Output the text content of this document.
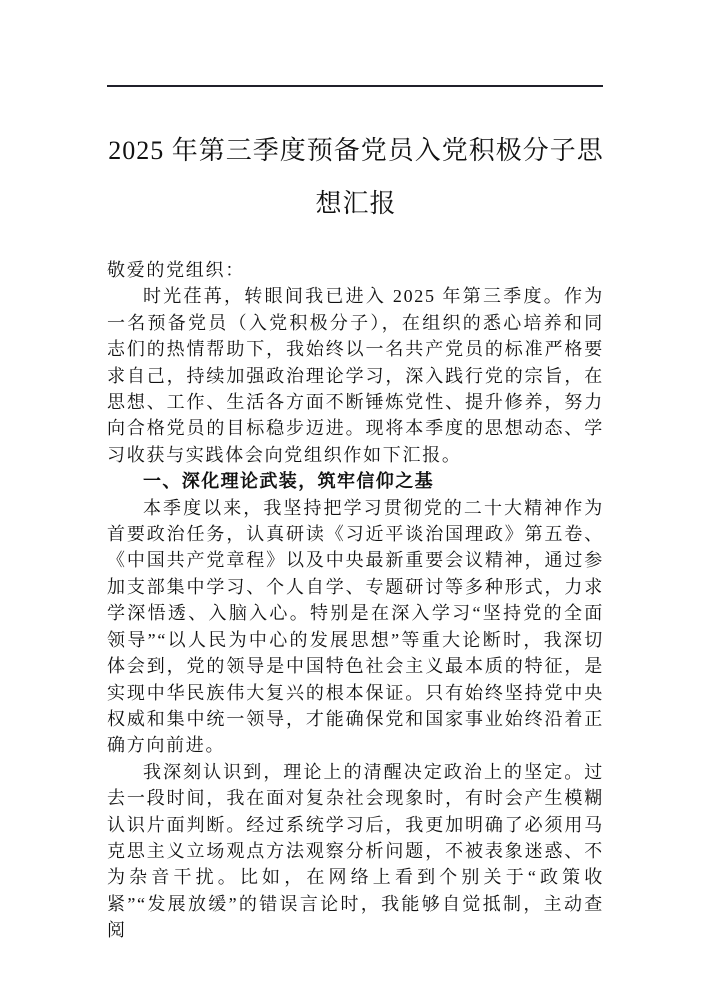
2025 年第三季度预备党员入党积极分子思想汇报

敬爱的党组织：

时光荏苒，转眼间我已进入 2025 年第三季度。作为一名预备党员（入党积极分子），在组织的悉心培养和同志们的热情帮助下，我始终以一名共产党员的标准严格要求自己，持续加强政治理论学习，深入践行党的宗旨，在思想、工作、生活各方面不断锤炼党性、提升修养，努力向合格党员的目标稳步迈进。现将本季度的思想动态、学习收获与实践体会向党组织作如下汇报。

一、深化理论武装，筑牢信仰之基

本季度以来，我坚持把学习贯彻党的二十大精神作为首要政治任务，认真研读《习近平谈治国理政》第五卷、《中国共产党章程》以及中央最新重要会议精神，通过参加支部集中学习、个人自学、专题研讨等多种形式，力求学深悟透、入脑入心。特别是在深入学习“坚持党的全面领导”“以人民为中心的发展思想”等重大论断时，我深切体会到，党的领导是中国特色社会主义最本质的特征，是实现中华民族伟大复兴的根本保证。只有始终坚持党中央权威和集中统一领导，才能确保党和国家事业始终沿着正确方向前进。

我深刻认识到，理论上的清醒决定政治上的坚定。过去一段时间，我在面对复杂社会现象时，有时会产生模糊认识片面判断。经过系统学习后，我更加明确了必须用马克思主义立场观点方法观察分析问题，不被表象迷惑、不为杂音干扰。比如，在网络上看到个别关于“政策收紧”“发展放缓”的错误言论时，我能够自觉抵制，主动查阅
